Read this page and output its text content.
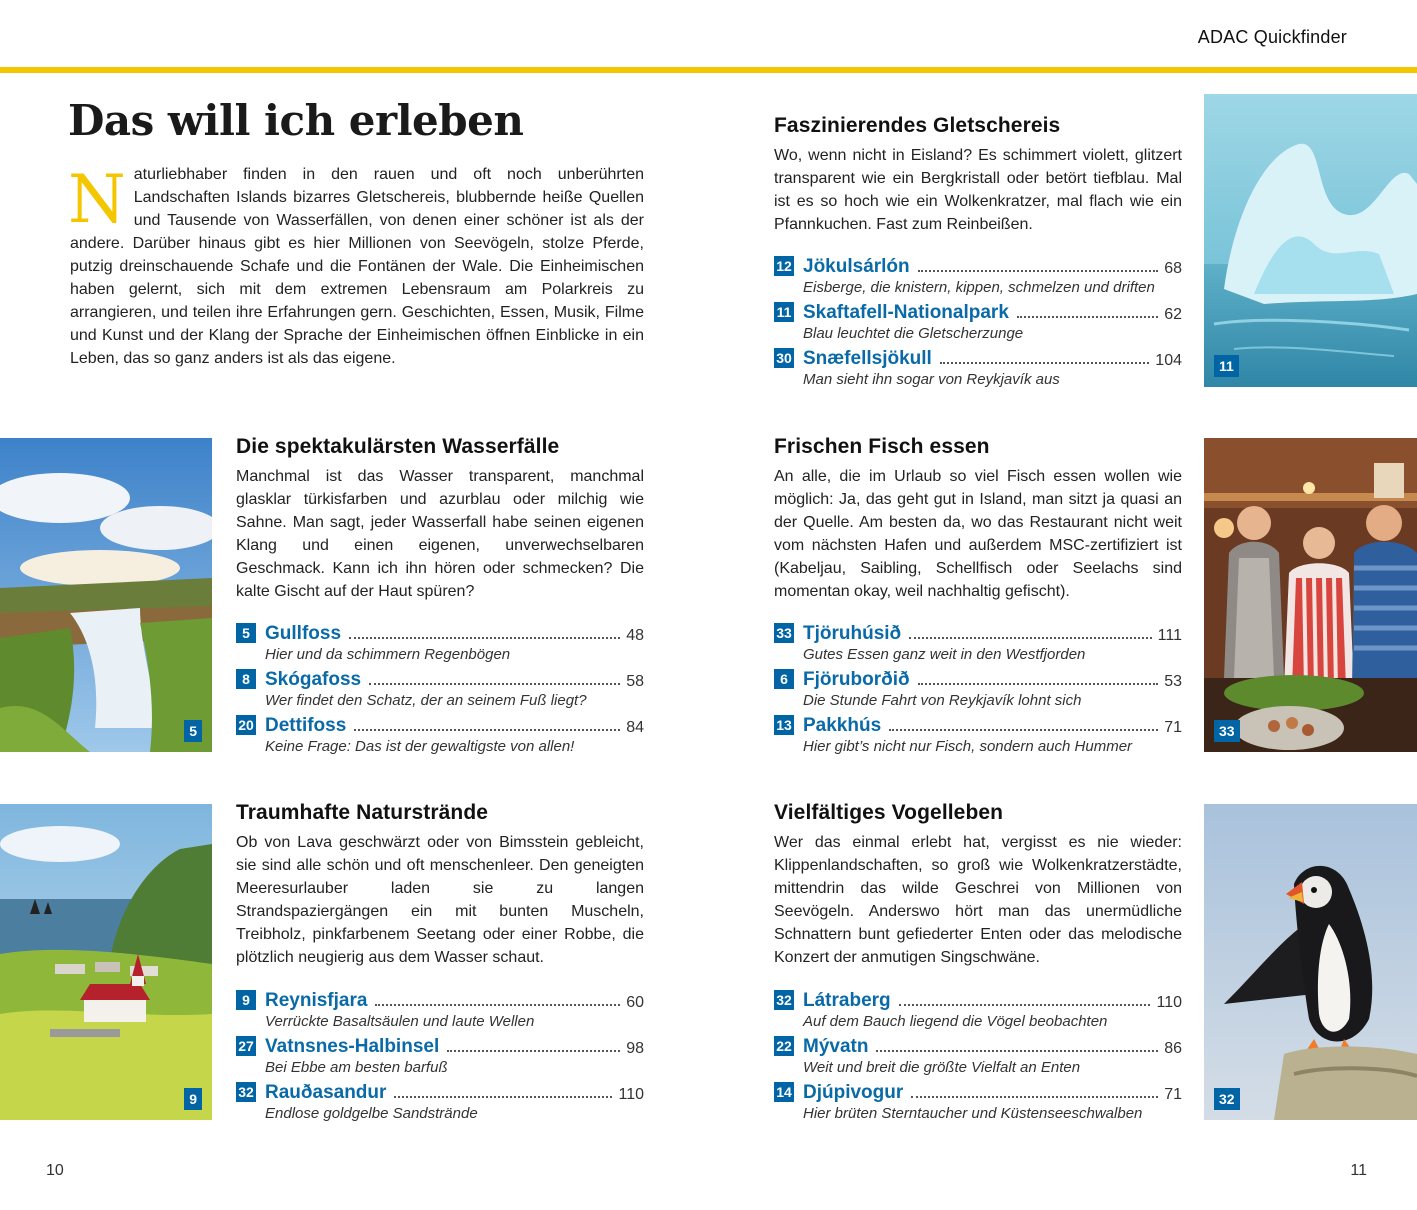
ADAC Quickfinder
Das will ich erleben
N aturliebhaber finden in den rauen und oft noch unberührten Landschaften Islands bizarres Gletschereis, blubbernde heiße Quellen und Tausende von Wasserfällen, von denen einer schöner ist als der andere. Darüber hinaus gibt es hier Millionen von Seevögeln, stolze Pferde, putzig dreinschauende Schafe und die Fontänen der Wale. Die Einheimischen haben gelernt, sich mit dem extremen Lebensraum am Polarkreis zu arrangieren, und teilen ihre Erfahrungen gern. Geschichten, Essen, Musik, Filme und Kunst und der Klang der Sprache der Einheimischen öffnen Einblicke in ein Leben, das so ganz anders ist als das eigene.
Faszinierendes Gletschereis

Wo, wenn nicht in Eisland? Es schimmert violett, glitzert transparent wie ein Bergkristall oder betört tiefblau. Mal ist es so hoch wie ein Wolkenkratzer, mal flach wie ein Pfannkuchen. Fast zum Reinbeißen.

12 Jökulsárlón	68
Eisberge, die knistern, kippen, schmelzen und driften
11 Skaftafell-Nationalpark	62
Blau leuchtet die Gletscherzunge
30 Snæfellsjökull	104
Man sieht ihn sogar von Reykjavík aus
11
5
Die spektakulärsten Wasserfälle

Manchmal ist das Wasser transparent, manchmal glasklar türkisfarben und azurblau oder milchig wie Sahne. Man sagt, jeder Wasserfall habe seinen eigenen Klang und einen eigenen, unverwechselbaren Geschmack. Kann ich ihn hören oder schmecken? Die kalte Gischt auf der Haut spüren?

5 Gullfoss	48
Hier und da schimmern Regenbögen
8 Skógafoss	58
Wer findet den Schatz, der an seinem Fuß liegt?
20 Dettifoss	84
Keine Frage: Das ist der gewaltigste von allen!
Frischen Fisch essen

An alle, die im Urlaub so viel Fisch essen wollen wie möglich: Ja, das geht gut in Island, man sitzt ja quasi an der Quelle. Am besten da, wo das Restaurant nicht weit vom nächsten Hafen und außerdem MSC-zertifiziert ist (Kabeljau, Saibling, Schellfisch oder Seelachs sind momentan okay, weil nachhaltig gefischt).

33 Tjöruhúsið	111
Gutes Essen ganz weit in den Westfjorden
6 Fjöruborðið	53
Die Stunde Fahrt von Reykjavík lohnt sich
13 Pakkhús	71
Hier gibt’s nicht nur Fisch, sondern auch Hummer
33
9
Traumhafte Naturstrände

Ob von Lava geschwärzt oder von Bimsstein gebleicht, sie sind alle schön und oft menschenleer. Den geneigten Meeresurlauber laden sie zu langen Strandspaziergängen ein mit bunten Muscheln, Treibholz, pinkfarbenem Seetang oder einer Robbe, die plötzlich neugierig aus dem Wasser schaut.

9 Reynisfjara	60
Verrückte Basaltsäulen und laute Wellen
27 Vatnsnes-Halbinsel	98
Bei Ebbe am besten barfuß
32 Rauðasandur	110
Endlose goldgelbe Sandstrände
Vielfältiges Vogelleben

Wer das einmal erlebt hat, vergisst es nie wieder: Klippenlandschaften, so groß wie Wolkenkratzerstädte, mittendrin das wilde Geschrei von Millionen von Seevögeln. Anderswo hört man das unermüdliche Schnattern bunt gefiederter Enten oder das melodische Konzert der anmutigen Singschwäne.

32 Látraberg	110
Auf dem Bauch liegend die Vögel beobachten
22 Mývatn	86
Weit und breit die größte Vielfalt an Enten
14 Djúpivogur	71
Hier brüten Sterntaucher und Küstenseeschwalben
32
10	11
